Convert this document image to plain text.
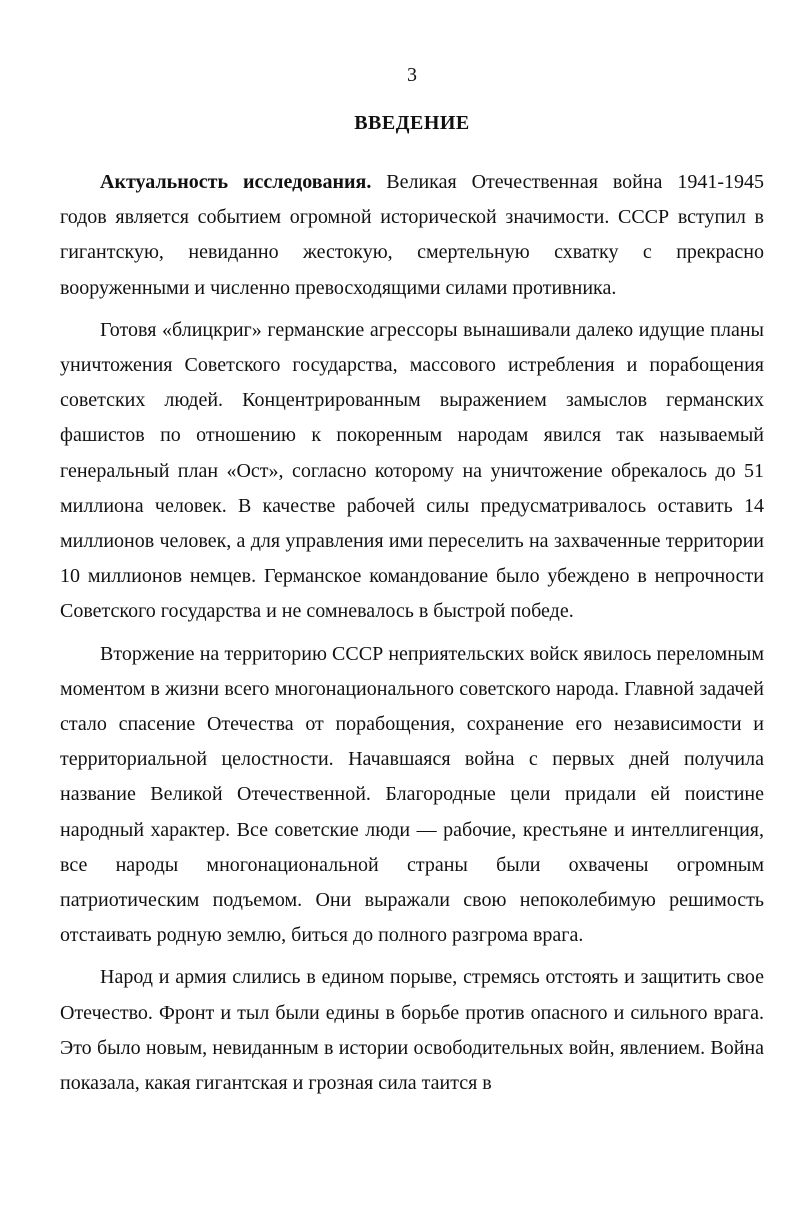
3
ВВЕДЕНИЕ

Актуальность исследования. Великая Отечественная война 1941-1945 годов является событием огромной исторической значимости. СССР вступил в гигантскую, невиданно жестокую, смертельную схватку с прекрасно вооруженными и численно превосходящими силами противника.

Готовя «блицкриг» германские агрессоры вынашивали далеко идущие планы уничтожения Советского государства, массового истребления и порабощения советских людей. Концентрированным выражением замыслов германских фашистов по отношению к покоренным народам явился так называемый генеральный план «Ост», согласно которому на уничтожение обрекалось до 51 миллиона человек. В качестве рабочей силы предусматривалось оставить 14 миллионов человек, а для управления ими переселить на захваченные территории 10 миллионов немцев. Германское командование было убеждено в непрочности Советского государства и не сомневалось в быстрой победе.

Вторжение на территорию СССР неприятельских войск явилось переломным моментом в жизни всего многонационального советского народа. Главной задачей стало спасение Отечества от порабощения, сохранение его независимости и территориальной целостности. Начавшаяся война с первых дней получила название Великой Отечественной. Благородные цели придали ей поистине народный характер. Все советские люди — рабочие, крестьяне и интеллигенция, все народы многонациональной страны были охвачены огромным патриотическим подъемом. Они выражали свою непоколебимую решимость отстаивать родную землю, биться до полного разгрома врага.

Народ и армия слились в едином порыве, стремясь отстоять и защитить свое Отечество. Фронт и тыл были едины в борьбе против опасного и сильного врага. Это было новым, невиданным в истории освободительных войн, явлением. Война показала, какая гигантская и грозная сила таится в
